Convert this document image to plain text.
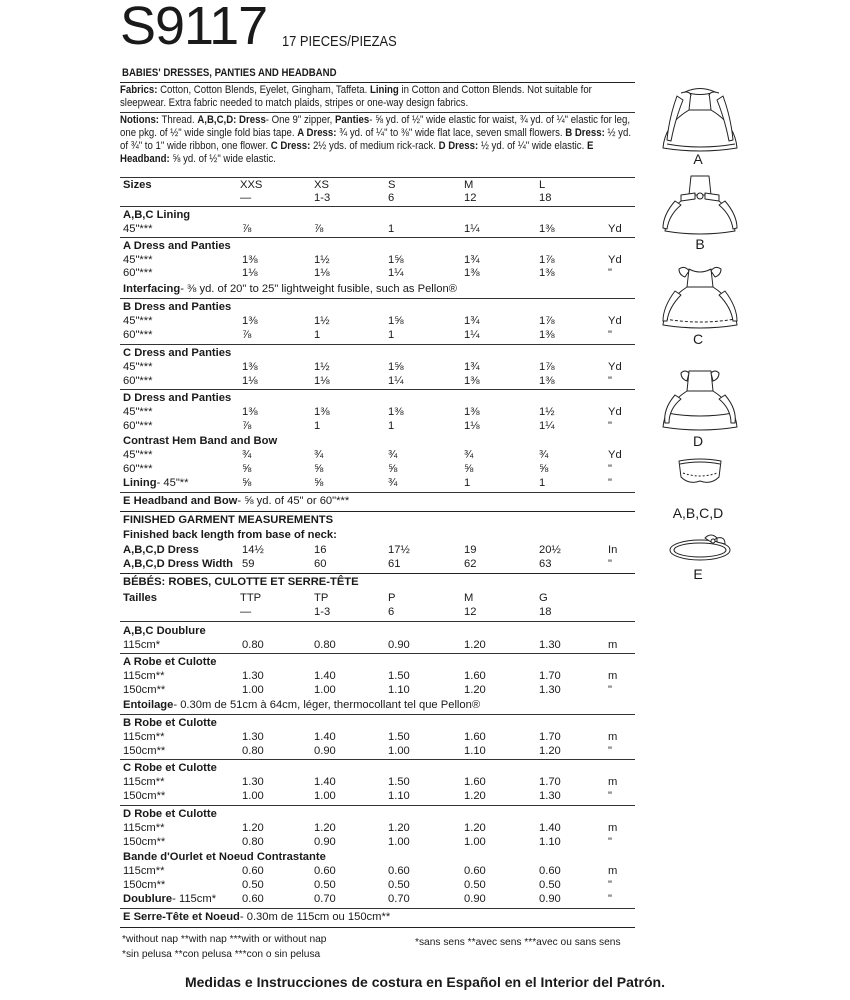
S9117 17 PIECES/PIEZAS
BABIES' DRESSES, PANTIES AND HEADBAND
Fabrics: Cotton, Cotton Blends, Eyelet, Gingham, Taffeta. Lining in Cotton and Cotton Blends. Not suitable for sleepwear. Extra fabric needed to match plaids, stripes or one-way design fabrics.
Notions: Thread. A,B,C,D: Dress- One 9" zipper, Panties- ⅝ yd. of ½" wide elastic for waist, ¾ yd. of ¼" elastic for leg, one pkg. of ½" wide single fold bias tape. A Dress: ¾ yd. of ¼" to ⅜" wide flat lace, seven small flowers. B Dress: ½ yd. of ¾" to 1" wide ribbon, one flower. C Dress: 2½ yds. of medium rick-rack. D Dress: ½ yd. of ¼" wide elastic. E Headband: ⅝ yd. of ½" wide elastic.
Sizes	XXS	XS	S	M	L
—	1-3	6	12	18
A,B,C Lining
45"***	⅞	⅞	1	1¼	1⅜	Yd
A Dress and Panties
45"***	1⅜	1½	1⅝	1¾	1⅞	Yd
60"***	1⅛	1⅛	1¼	1⅜	1⅜	"
Interfacing- ⅜ yd. of 20" to 25" lightweight fusible, such as Pellon®
B Dress and Panties
45"***	1⅜	1½	1⅝	1¾	1⅞	Yd
60"***	⅞	1	1	1¼	1⅜	"
C Dress and Panties
45"***	1⅜	1½	1⅝	1¾	1⅞	Yd
60"***	1⅛	1⅛	1¼	1⅜	1⅜	"
D Dress and Panties
45"***	1⅜	1⅜	1⅜	1⅜	1½	Yd
60"***	⅞	1	1	1⅛	1¼	"
Contrast Hem Band and Bow
45"***	¾	¾	¾	¾	¾	Yd
60"***	⅝	⅝	⅝	⅝	⅝	"
Lining- 45"**	⅝	⅝	¾	1	1	"
E Headband and Bow- ⅝ yd. of 45" or 60"***
FINISHED GARMENT MEASUREMENTS
Finished back length from base of neck:
A,B,C,D Dress	14½	16	17½	19	20½	In
A,B,C,D Dress Width 59	60	61	62	63	"
BÉBÉS: ROBES, CULOTTE ET SERRE-TÊTE
Tailles	TTP	TP	P	M	G
—	1-3	6	12	18
A,B,C Doublure
115cm*	0.80	0.80	0.90	1.20	1.30	m
A Robe et Culotte
115cm**	1.30	1.40	1.50	1.60	1.70	m
150cm**	1.00	1.00	1.10	1.20	1.30	"
Entoilage- 0.30m de 51cm à 64cm, léger, thermocollant tel que Pellon®
B Robe et Culotte
115cm**	1.30	1.40	1.50	1.60	1.70	m
150cm**	0.80	0.90	1.00	1.10	1.20	"
C Robe et Culotte
115cm**	1.30	1.40	1.50	1.60	1.70	m
150cm**	1.00	1.00	1.10	1.20	1.30	"
D Robe et Culotte
115cm**	1.20	1.20	1.20	1.20	1.40	m
150cm**	0.80	0.90	1.00	1.00	1.10	"
Bande d'Ourlet et Noeud Contrastante
115cm**	0.60	0.60	0.60	0.60	0.60	m
150cm**	0.50	0.50	0.50	0.50	0.50	"
Doublure- 115cm* 0.60	0.70	0.70	0.90	0.90	"
E Serre-Tête et Noeud- 0.30m de 115cm ou 150cm**
*without nap **with nap ***with or without nap
*sin pelusa **con pelusa ***con o sin pelusa
*sans sens **avec sens ***avec ou sans sens
Medidas e Instrucciones de costura en Español en el Interior del Patrón.
A
B
C
D
A,B,C,D
E
